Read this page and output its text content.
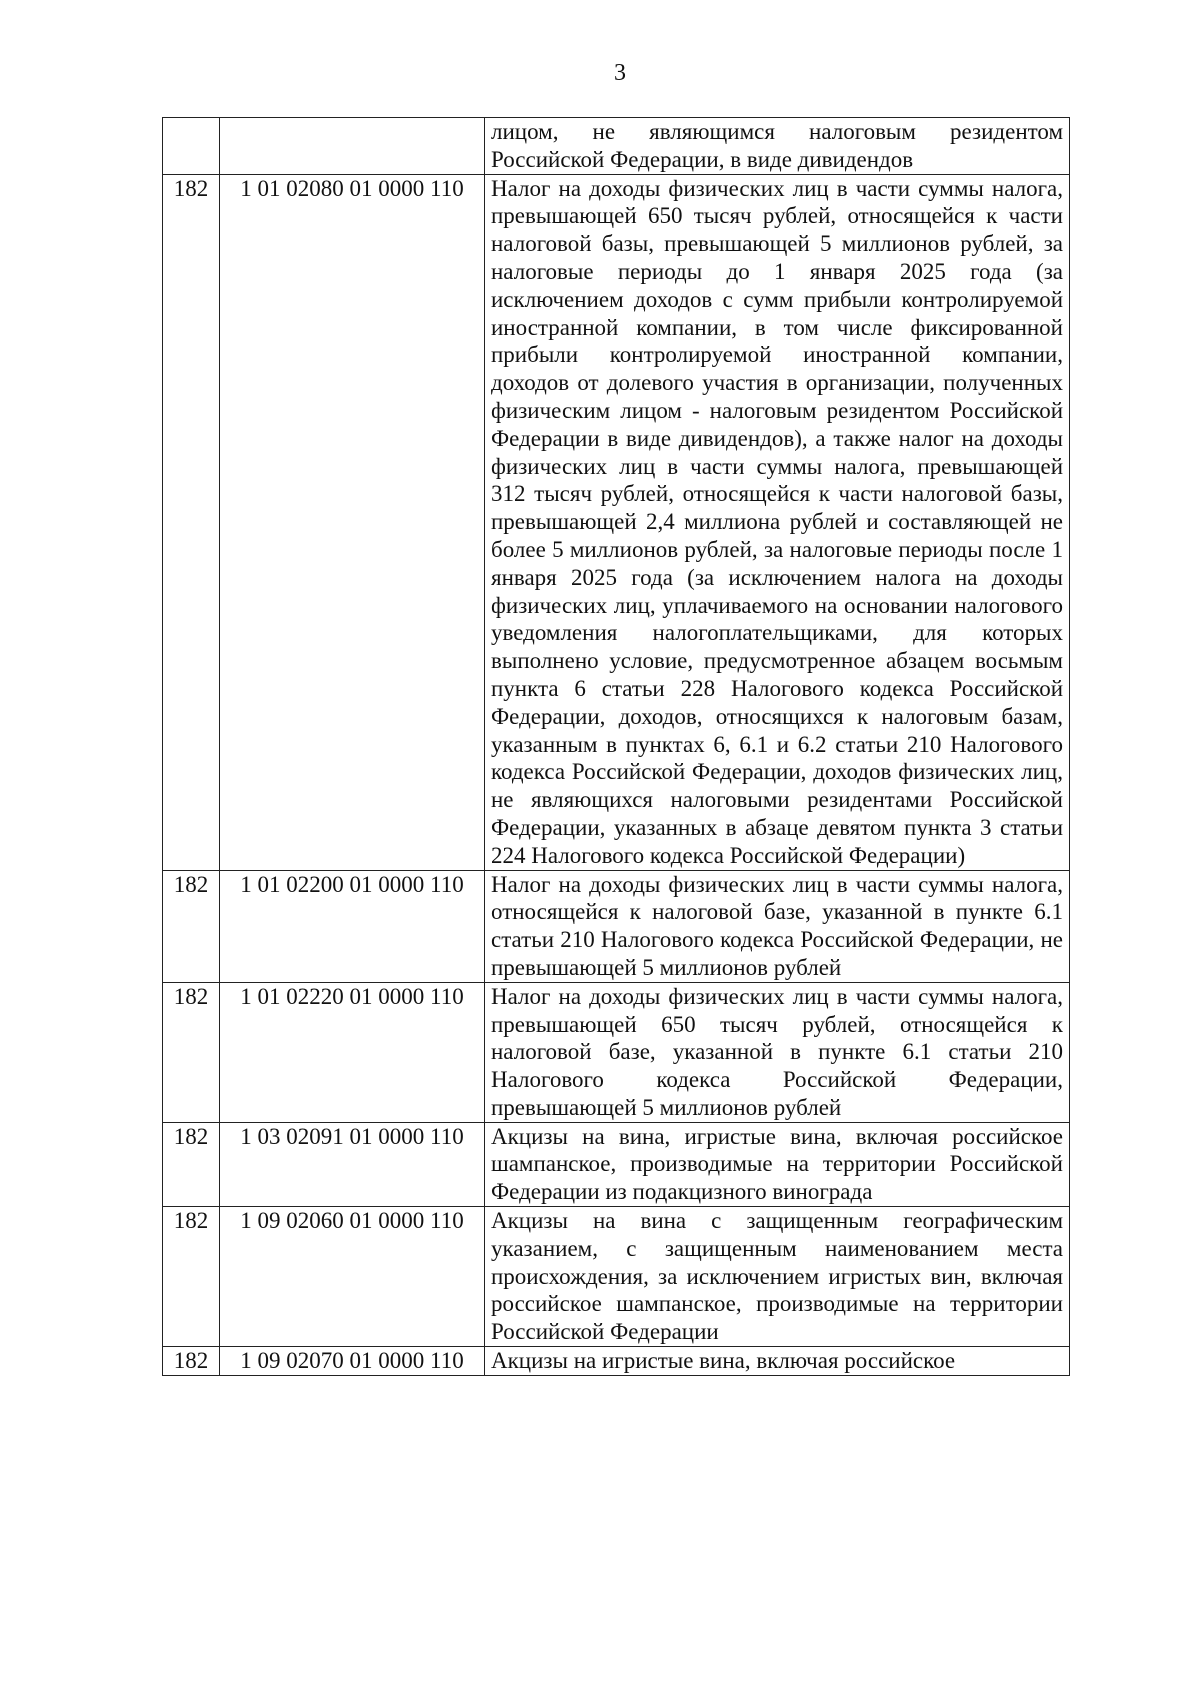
3
		лицом, не являющимся налоговым резидентом Российской Федерации, в виде дивидендов
182	1 01 02080 01 0000 110	Налог на доходы физических лиц в части суммы налога, превышающей 650 тысяч рублей, относящейся к части налоговой базы, превышающей 5 миллионов рублей, за налоговые периоды до 1 января 2025 года (за исключением доходов с сумм прибыли контролируемой иностранной компании, в том числе фиксированной прибыли контролируемой иностранной компании, доходов от долевого участия в организации, полученных физическим лицом - налоговым резидентом Российской Федерации в виде дивидендов), а также налог на доходы физических лиц в части суммы налога, превышающей 312 тысяч рублей, относящейся к части налоговой базы, превышающей 2,4 миллиона рублей и составляющей не более 5 миллионов рублей, за налоговые периоды после 1 января 2025 года (за исключением налога на доходы физических лиц, уплачиваемого на основании налогового уведомления налогоплательщиками, для которых выполнено условие, предусмотренное абзацем восьмым пункта 6 статьи 228 Налогового кодекса Российской Федерации, доходов, относящихся к налоговым базам, указанным в пунктах 6, 6.1 и 6.2 статьи 210 Налогового кодекса Российской Федерации, доходов физических лиц, не являющихся налоговыми резидентами Российской Федерации, указанных в абзаце девятом пункта 3 статьи 224 Налогового кодекса Российской Федерации)
182	1 01 02200 01 0000 110	Налог на доходы физических лиц в части суммы налога, относящейся к налоговой базе, указанной в пункте 6.1 статьи 210 Налогового кодекса Российской Федерации, не превышающей 5 миллионов рублей
182	1 01 02220 01 0000 110	Налог на доходы физических лиц в части суммы налога, превышающей 650 тысяч рублей, относящейся к налоговой базе, указанной в пункте 6.1 статьи 210 Налогового кодекса Российской Федерации, превышающей 5 миллионов рублей
182	1 03 02091 01 0000 110	Акцизы на вина, игристые вина, включая российское шампанское, производимые на территории Российской Федерации из подакцизного винограда
182	1 09 02060 01 0000 110	Акцизы на вина с защищенным географическим указанием, с защищенным наименованием места происхождения, за исключением игристых вин, включая российское шампанское, производимые на территории Российской Федерации
182	1 09 02070 01 0000 110	Акцизы на игристые вина, включая российское
